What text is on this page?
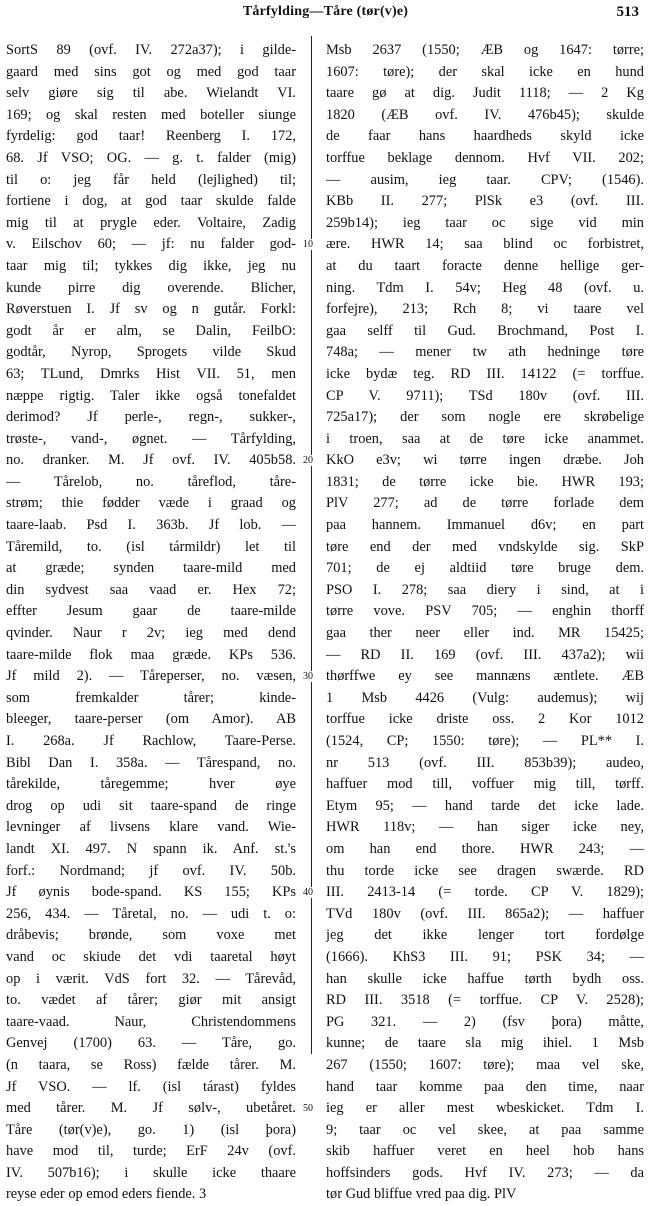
Tårfylding—Tåre (tør(v)e)	513
SortS 89 (ovf. IV. 272a37); i gilde-
gaard med sins got og med god taar
selv giøre sig til abe. Wielandt VI.
169; og skal resten med boteller siunge
fyrdelig: god taar! Reenberg I. 172,
68. Jf VSO; OG. — g. t. falder (mig)
til o: jeg får held (lejlighed) til;
fortiene i dog, at god taar skulde falde
mig til at prygle eder. Voltaire, Zadig
v. Eilschov 60; — jf: nu falder god-
taar mig til; tykkes dig ikke, jeg nu
kunde pirre dig overende. Blicher,
Røverstuen I. Jf sv og n gutår. Forkl:
godt år er alm, se Dalin, FeilbO:
godtår, Nyrop, Sprogets vilde Skud
63; TLund, Dmrks Hist VII. 51, men
næppe rigtig. Taler ikke også tonefaldet
derimod? Jf perle-, regn-, sukker-,
trøste-, vand-, øgnet. — Tårfylding,
no. dranker. M. Jf ovf. IV. 405b58.
— Tårelob, no. tåreflod, tåre-
strøm; thie fødder væde i graad og
taare-laab. Psd I. 363b. Jf lob. —
Tåremild, to. (isl tármildr) let til
at græde; synden taare-mild med
din sydvest saa vaad er. Hex 72;
effter Jesum gaar de taare-milde
qvinder. Naur r 2v; ieg med dend
taare-milde flok maa græde. KPs 536.
Jf mild 2). — Tåreperser, no. væsen,
som fremkalder tårer; kinde-
bleeger, taare-perser (om Amor). AB
I. 268a. Jf Rachlow, Taare-Perse.
Bibl Dan I. 358a. — Tårespand, no.
tårekilde, tåregemme; hver øye
drog op udi sit taare-spand de ringe
levninger af livsens klare vand. Wie-
landt XI. 497. N spann ik. Anf. st.'s
forf.: Nordmand; jf ovf. IV. 50b.
Jf øynis bode-spand. KS 155; KPs
256, 434. — Tåretal, no. — udi t. o:
dråbevis; brønde, som voxe met
vand oc skiude det vdi taaretal høyt
op i værit. VdS fort 32. — Tårevåd,
to. vædet af tårer; giør mit ansigt
taare-vaad. Naur, Christendommens
Genvej (1700) 63. — Tåre, go.
(n taara, se Ross) fælde tårer. M.
Jf VSO. — lf. (isl tárast) fyldes
med tårer. M. Jf sølv-, ubetåret.
Tåre (tør(v)e), go. 1) (isl þora)
have mod til, turde; ErF 24v (ovf.
IV. 507b16); i skulle icke thaare
reyse eder op emod eders fiende. 3
Msb 2637 (1550; ÆB og 1647: tørre;
1607: tøre); der skal icke en hund
taare gø at dig. Judit 1118; — 2 Kg
1820 (ÆB ovf. IV. 476b45); skulde
de faar hans haardheds skyld icke
torffue beklage dennom. Hvf VII. 202;
— ausim, ieg taar. CPV; (1546).
KBb II. 277; PlSk e3 (ovf. III.
259b14); ieg taar oc sige vid min
ære. HWR 14; saa blind oc forbistret,
at du taart foracte denne hellige ger-
ning. Tdm I. 54v; Heg 48 (ovf. u.
forfejre), 213; Rch 8; vi taare vel
gaa selff til Gud. Brochmand, Post I.
748a; — mener tw ath hedninge tøre
icke bydæ teg. RD III. 14122 (= torffue.
CP V. 9711); TSd 180v (ovf. III.
725a17); der som nogle ere skrøbelige
i troen, saa at de tøre icke anammet.
KkO e3v; wi tørre ingen dræbe. Joh
1831; de tørre icke bie. HWR 193;
PlV 277; ad de tørre forlade dem
paa hannem. Immanuel d6v; en part
tøre end der med vndskylde sig. SkP
701; de ej aldtiid tøre bruge dem.
PSO I. 278; saa diery i sind, at i
tørre vove. PSV 705; — enghin thorff
gaa ther neer eller ind. MR 15425;
— RD II. 169 (ovf. III. 437a2); wii
thørffwe ey see mannæns æntlete. ÆB
1 Msb 4426 (Vulg: audemus); wij
torffue icke driste oss. 2 Kor 1012
(1524, CP; 1550: tøre); — PL** I.
nr 513 (ovf. III. 853b39); audeo,
haffuer mod till, voffuer mig till, tørff.
Etym 95; — hand tarde det icke lade.
HWR 118v; — han siger icke ney,
om han end thore. HWR 243; —
thu torde icke see dragen swærde. RD
III. 2413-14 (= torde. CP V. 1829);
TVd 180v (ovf. III. 865a2); — haffuer
jeg det ikke lenger tort fordølge
(1666). KhS3 III. 91; PSK 34; —
han skulle icke haffue tørth bydh oss.
RD III. 3518 (= torffue. CP V. 2528);
PG 321. — 2) (fsv þora) måtte,
kunne; de taare sla mig ihiel. 1 Msb
267 (1550; 1607: tøre); maa vel ske,
hand taar komme paa den time, naar
ieg er aller mest wbeskicket. Tdm I.
9; taar oc vel skee, at paa samme
skib haffuer veret en heel hob hans
hoffsinders gods. Hvf IV. 273; — da
tør Gud bliffue vred paa dig. PlV
10
20
30
40
50
